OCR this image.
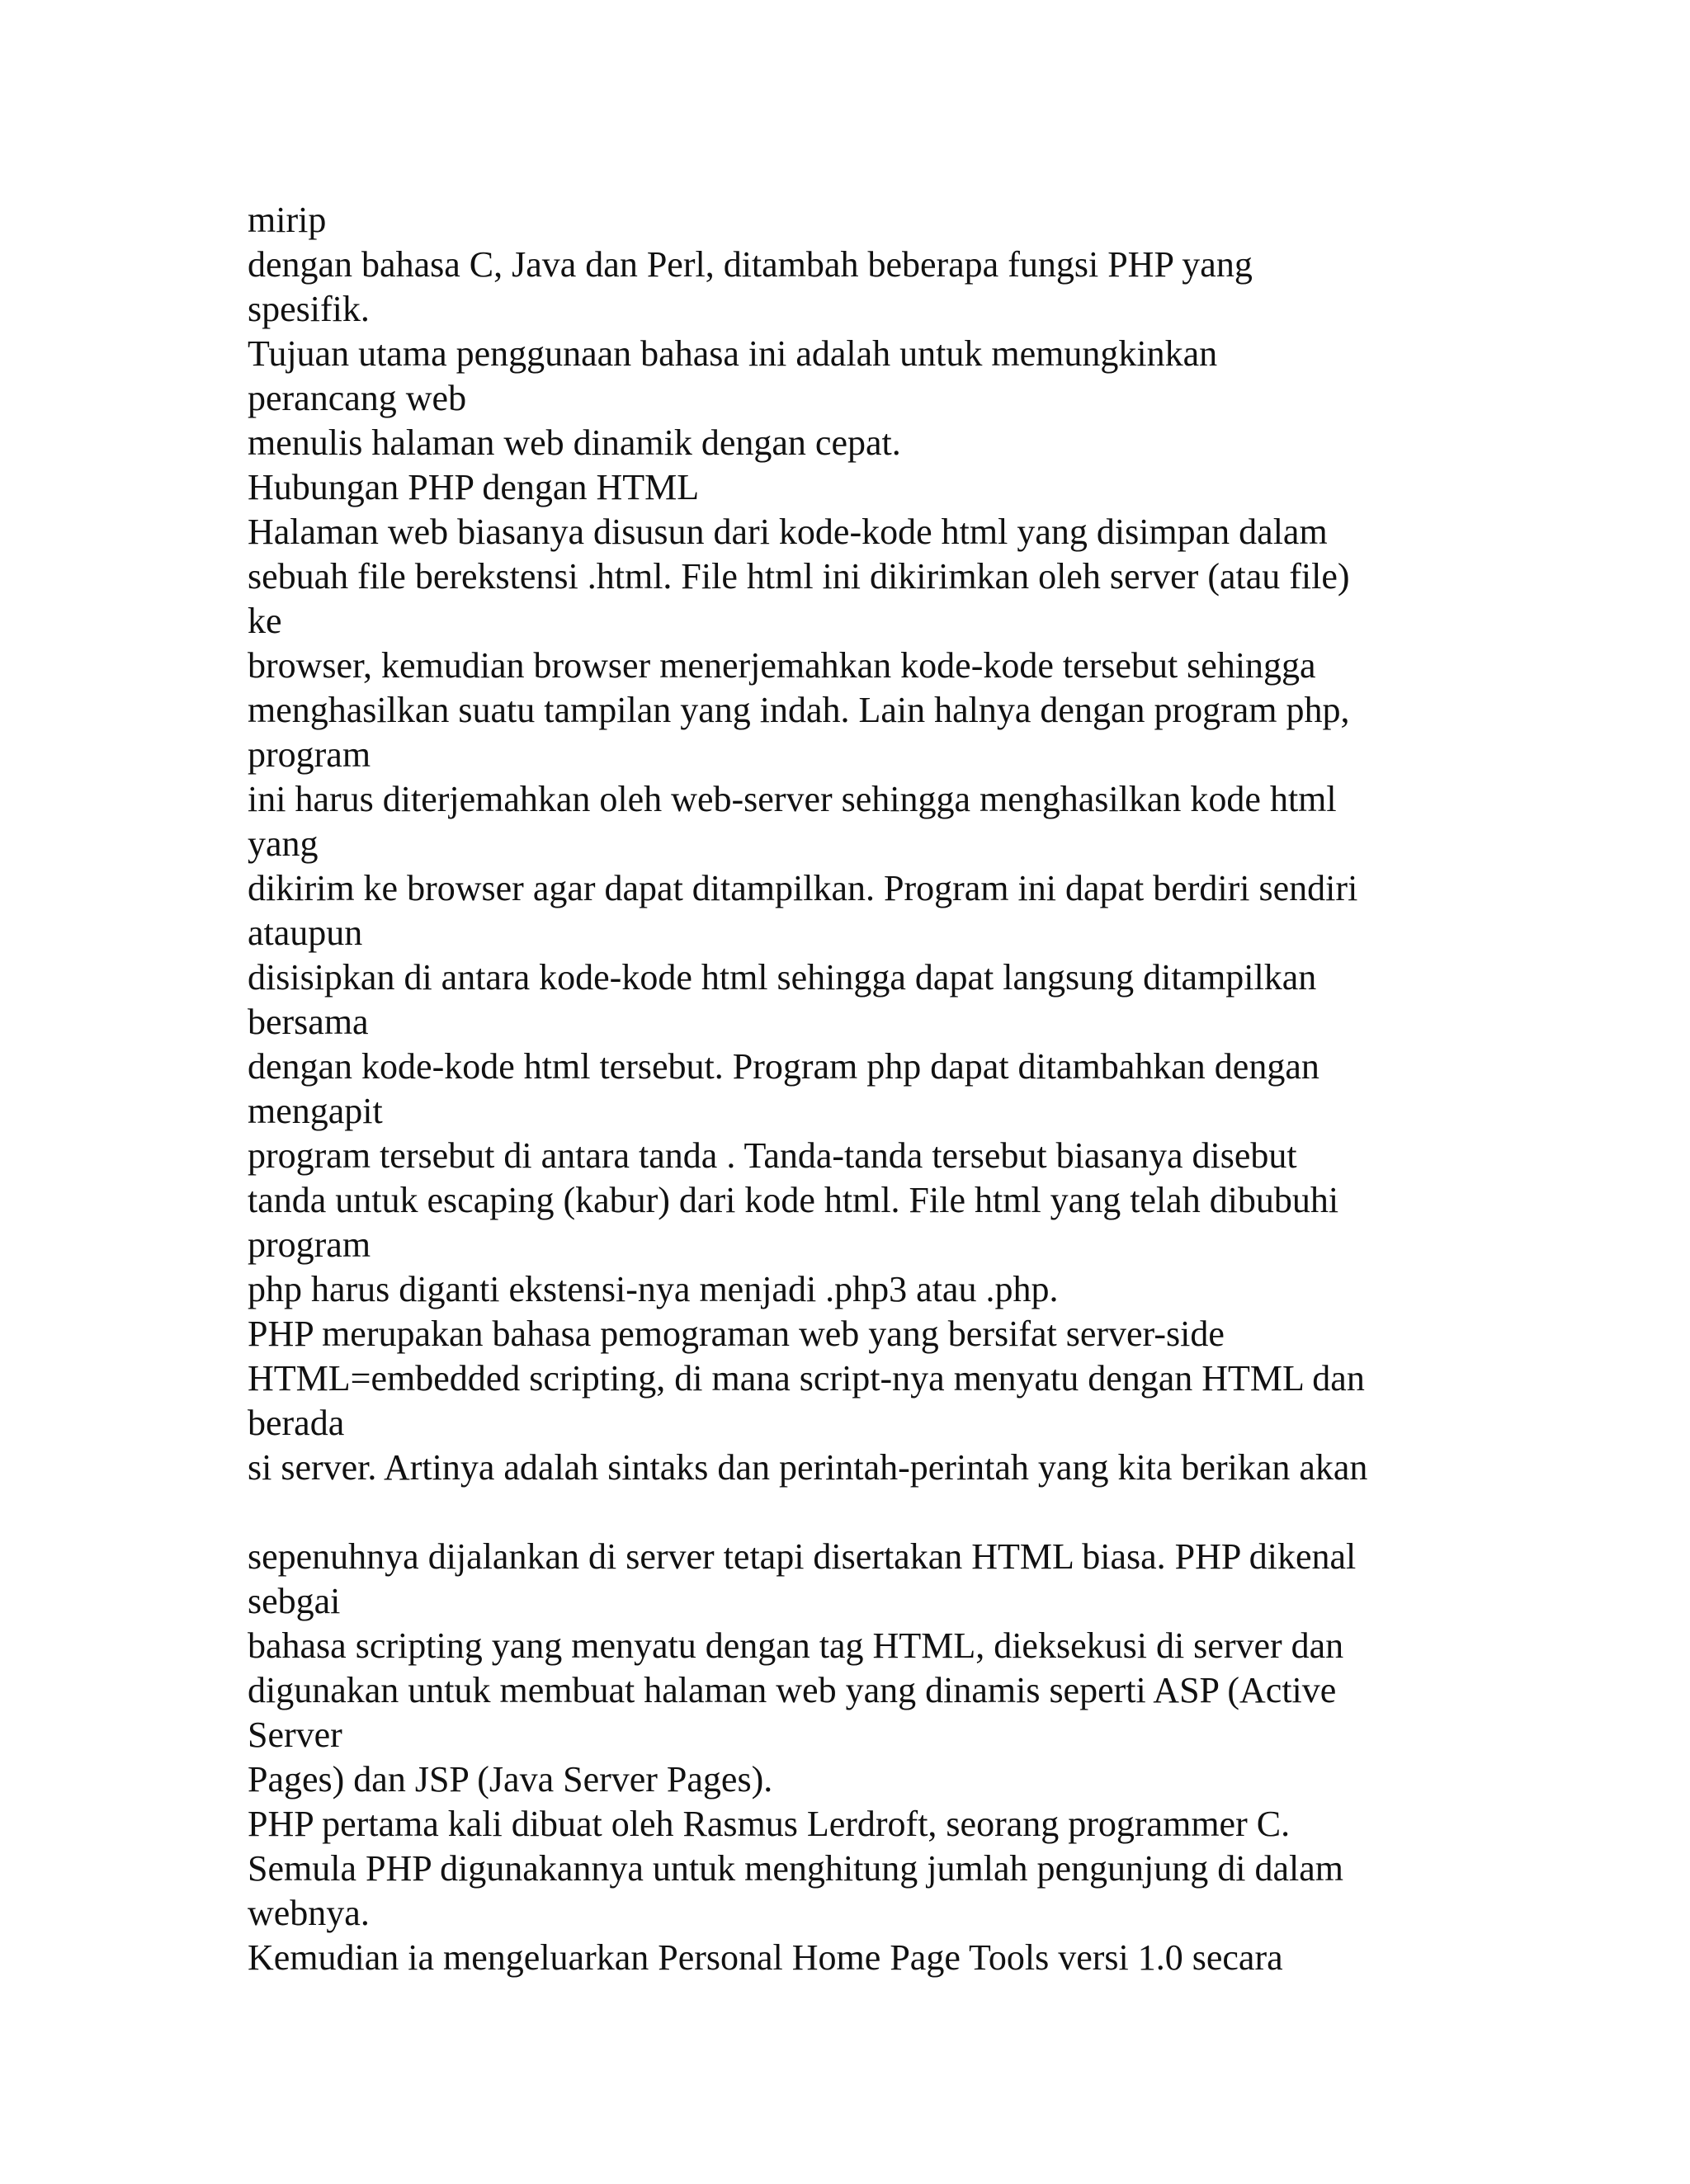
mirip
dengan bahasa C, Java dan Perl, ditambah beberapa fungsi PHP yang
spesifik.
Tujuan utama penggunaan bahasa ini adalah untuk memungkinkan
perancang web
menulis halaman web dinamik dengan cepat.
Hubungan PHP dengan HTML
Halaman web biasanya disusun dari kode-kode html yang disimpan dalam
sebuah file berekstensi .html. File html ini dikirimkan oleh server (atau file)
ke
browser, kemudian browser menerjemahkan kode-kode tersebut sehingga
menghasilkan suatu tampilan yang indah. Lain halnya dengan program php,
program
ini harus diterjemahkan oleh web-server sehingga menghasilkan kode html
yang
dikirim ke browser agar dapat ditampilkan. Program ini dapat berdiri sendiri
ataupun
disisipkan di antara kode-kode html sehingga dapat langsung ditampilkan
bersama
dengan kode-kode html tersebut. Program php dapat ditambahkan dengan
mengapit
program tersebut di antara tanda . Tanda-tanda tersebut biasanya disebut
tanda untuk escaping (kabur) dari kode html. File html yang telah dibubuhi
program
php harus diganti ekstensi-nya menjadi .php3 atau .php.
PHP merupakan bahasa pemograman web yang bersifat server-side
HTML=embedded scripting, di mana script-nya menyatu dengan HTML dan
berada
si server. Artinya adalah sintaks dan perintah-perintah yang kita berikan akan
sepenuhnya dijalankan di server tetapi disertakan HTML biasa. PHP dikenal
sebgai
bahasa scripting yang menyatu dengan tag HTML, dieksekusi di server dan
digunakan untuk membuat halaman web yang dinamis seperti ASP (Active
Server
Pages) dan JSP (Java Server Pages).
PHP pertama kali dibuat oleh Rasmus Lerdroft, seorang programmer C.
Semula PHP digunakannya untuk menghitung jumlah pengunjung di dalam
webnya.
Kemudian ia mengeluarkan Personal Home Page Tools versi 1.0 secara
